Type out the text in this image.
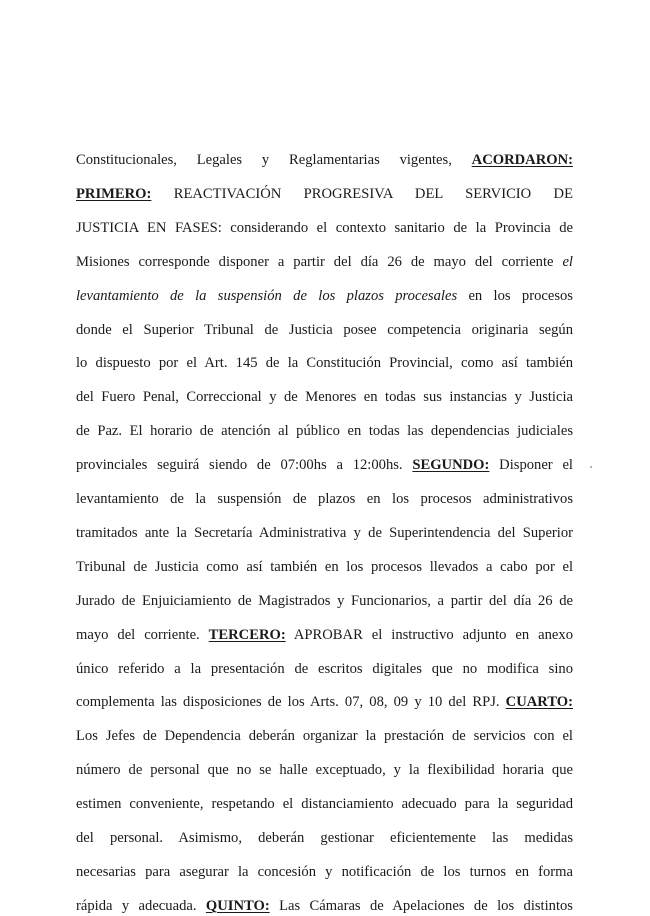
Constitucionales, Legales y Reglamentarias vigentes, ACORDARON:
PRIMERO: REACTIVACIÓN PROGRESIVA DEL SERVICIO DE
JUSTICIA EN FASES: considerando el contexto sanitario de la Provincia de
Misiones corresponde disponer a partir del día 26 de mayo del corriente el
levantamiento de la suspensión de los plazos procesales en los procesos
donde el Superior Tribunal de Justicia posee competencia originaria según
lo dispuesto por el Art. 145 de la Constitución Provincial, como así también
del Fuero Penal, Correccional y de Menores en todas sus instancias y Justicia
de Paz. El horario de atención al público en todas las dependencias judiciales
provinciales seguirá siendo de 07:00hs a 12:00hs. SEGUNDO: Disponer el
levantamiento de la suspensión de plazos en los procesos administrativos
tramitados ante la Secretaría Administrativa y de Superintendencia del Superior
Tribunal de Justicia como así también en los procesos llevados a cabo por el
Jurado de Enjuiciamiento de Magistrados y Funcionarios, a partir del día 26 de
mayo del corriente. TERCERO: APROBAR el instructivo adjunto en anexo
único referido a la presentación de escritos digitales que no modifica sino
complementa las disposiciones de los Arts. 07, 08, 09 y 10 del RPJ. CUARTO:
Los Jefes de Dependencia deberán organizar la prestación de servicios con el
número de personal que no se halle exceptuado, y la flexibilidad horaria que
estimen conveniente, respetando el distanciamiento adecuado para la seguridad
del personal. Asimismo, deberán gestionar eficientemente las medidas
necesarias para asegurar la concesión y notificación de los turnos en forma
rápida y adecuada. QUINTO: Las Cámaras de Apelaciones de los distintos
